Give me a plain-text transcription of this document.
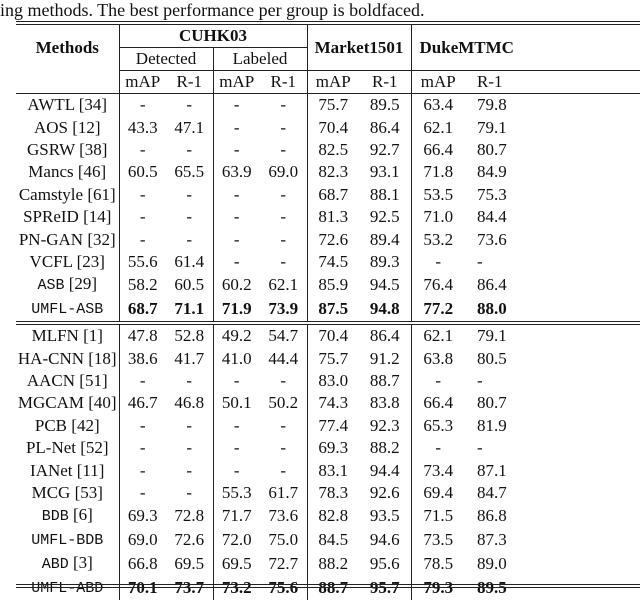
ing methods. The best performance per group is boldfaced.
Methods	CUHK03				Market1501		DukeMTMC	
	Detected		Labeled					
	mAP	R-1	mAP	R-1	mAP	R-1	mAP	R-1
AWTL [34]	-	-	-	-	75.7	89.5	63.4	79.8
AOS [12]	43.3	47.1	-	-	70.4	86.4	62.1	79.1
GSRW [38]	-	-	-	-	82.5	92.7	66.4	80.7
Mancs [46]	60.5	65.5	63.9	69.0	82.3	93.1	71.8	84.9
Camstyle [61]	-	-	-	-	68.7	88.1	53.5	75.3
SPReID [14]	-	-	-	-	81.3	92.5	71.0	84.4
PN-GAN [32]	-	-	-	-	72.6	89.4	53.2	73.6
VCFL [23]	55.6	61.4	-	-	74.5	89.3	-	-
ASB [29]	58.2	60.5	60.2	62.1	85.9	94.5	76.4	86.4
UMFL-ASB	68.7	71.1	71.9	73.9	87.5	94.8	77.2	88.0
MLFN [1]	47.8	52.8	49.2	54.7	70.4	86.4	62.1	79.1
HA-CNN [18]	38.6	41.7	41.0	44.4	75.7	91.2	63.8	80.5
AACN [51]	-	-	-	-	83.0	88.7	-	-
MGCAM [40]	46.7	46.8	50.1	50.2	74.3	83.8	66.4	80.7
PCB [42]	-	-	-	-	77.4	92.3	65.3	81.9
PL-Net [52]	-	-	-	-	69.3	88.2	-	-
IANet [11]	-	-	-	-	83.1	94.4	73.4	87.1
MCG [53]	-	-	55.3	61.7	78.3	92.6	69.4	84.7
BDB [6]	69.3	72.8	71.7	73.6	82.8	93.5	71.5	86.8
UMFL-BDB	69.0	72.6	72.0	75.0	84.5	94.6	73.5	87.3
ABD [3]	66.8	69.5	69.5	72.7	88.2	95.6	78.5	89.0
UMFL-ABD	70.1	73.7	73.2	75.6	88.7	95.7	79.3	89.5
